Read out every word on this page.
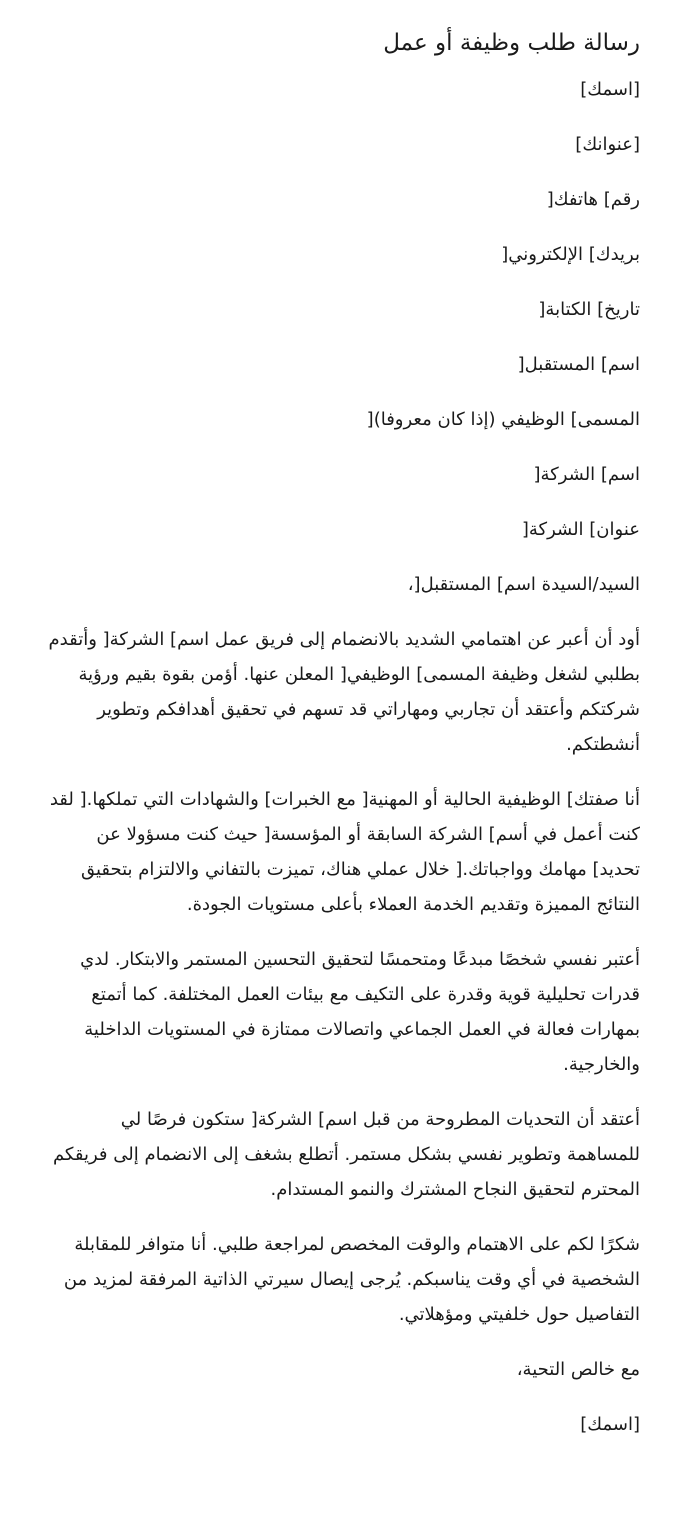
رسالة طلب وظيفة أو عمل

[اسمك]

[عنوانك]

رقم] هاتفك[

بريدك] الإلكتروني[

تاريخ] الكتابة[

اسم] المستقبل[

المسمى] الوظيفي (إذا كان معروفا)[

اسم] الشركة[

عنوان] الشركة[

السيد/السيدة اسم] المستقبل[،

أود أن أعبر عن اهتمامي الشديد بالانضمام إلى فريق عمل اسم] الشركة[ وأتقدم بطلبي لشغل وظيفة المسمى] الوظيفي[ المعلن عنها. أؤمن بقوة بقيم ورؤية شركتكم وأعتقد أن تجاربي ومهاراتي قد تسهم في تحقيق أهدافكم وتطوير أنشطتكم.

أنا صفتك] الوظيفية الحالية أو المهنية[ مع الخبرات] والشهادات التي تملكها.[ لقد كنت أعمل في أسم] الشركة السابقة أو المؤسسة[ حيث كنت مسؤولا عن تحديد] مهامك وواجباتك.[ خلال عملي هناك، تميزت بالتفاني والالتزام بتحقيق النتائج المميزة وتقديم الخدمة العملاء بأعلى مستويات الجودة.

أعتبر نفسي شخصًا مبدعًا ومتحمسًا لتحقيق التحسين المستمر والابتكار. لدي قدرات تحليلية قوية وقدرة على التكيف مع بيئات العمل المختلفة. كما أتمتع بمهارات فعالة في العمل الجماعي واتصالات ممتازة في المستويات الداخلية والخارجية.

أعتقد أن التحديات المطروحة من قبل اسم] الشركة[ ستكون فرصًا لي للمساهمة وتطوير نفسي بشكل مستمر. أتطلع بشغف إلى الانضمام إلى فريقكم المحترم لتحقيق النجاح المشترك والنمو المستدام.

شكرًا لكم على الاهتمام والوقت المخصص لمراجعة طلبي. أنا متوافر للمقابلة الشخصية في أي وقت يناسبكم. يُرجى إيصال سيرتي الذاتية المرفقة لمزيد من التفاصيل حول خلفيتي ومؤهلاتي.

مع خالص التحية،

[اسمك]
